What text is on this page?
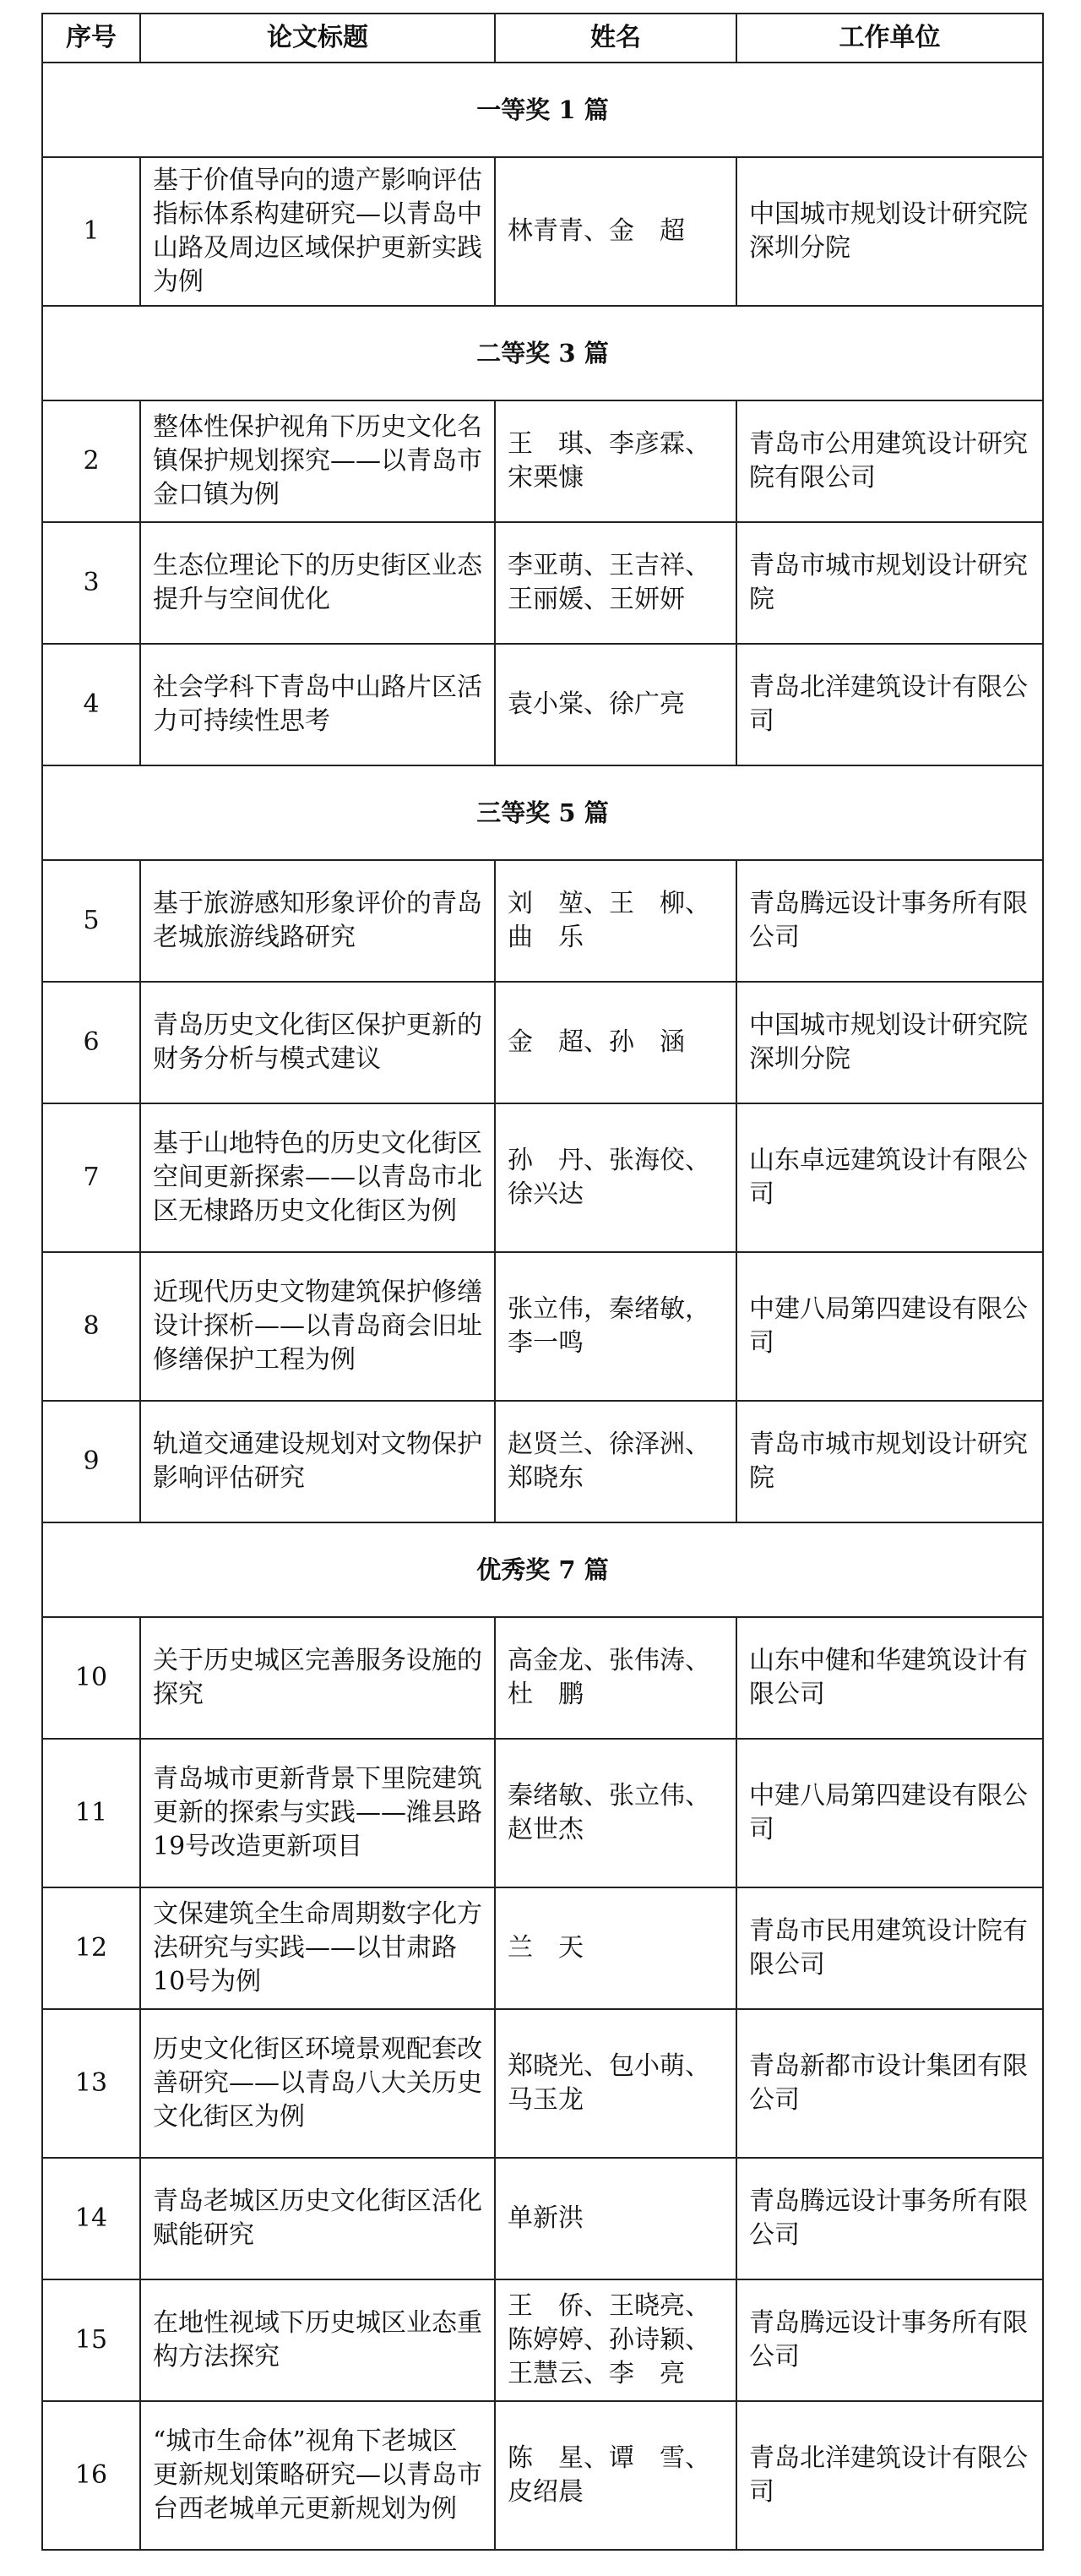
序号	论文标题	姓名	工作单位
一等奖 1 篇			
1	基于价值导向的遗产影响评估指标体系构建研究—以青岛中山路及周边区域保护更新实践为例	林青青、金　超	中国城市规划设计研究院深圳分院
二等奖 3 篇			
2	整体性保护视角下历史文化名镇保护规划探究——以青岛市金口镇为例	王　琪、李彦霖、宋栗慷	青岛市公用建筑设计研究院有限公司
3	生态位理论下的历史街区业态提升与空间优化	李亚萌、王吉祥、王丽媛、王妍妍	青岛市城市规划设计研究院
4	社会学科下青岛中山路片区活力可持续性思考	袁小棠、徐广亮	青岛北洋建筑设计有限公司
三等奖 5 篇			
5	基于旅游感知形象评价的青岛老城旅游线路研究	刘　堃、王　柳、曲　乐	青岛腾远设计事务所有限公司
6	青岛历史文化街区保护更新的财务分析与模式建议	金　超、孙　涵	中国城市规划设计研究院深圳分院
7	基于山地特色的历史文化街区空间更新探索——以青岛市北区无棣路历史文化街区为例	孙　丹、张海佼、徐兴达	山东卓远建筑设计有限公司
8	近现代历史文物建筑保护修缮设计探析——以青岛商会旧址修缮保护工程为例	张立伟，秦绪敏，李一鸣	中建八局第四建设有限公司
9	轨道交通建设规划对文物保护影响评估研究	赵贤兰、徐泽洲、郑晓东	青岛市城市规划设计研究院
优秀奖 7 篇			
10	关于历史城区完善服务设施的探究	高金龙、张伟涛、杜　鹏	山东中健和华建筑设计有限公司
11	青岛城市更新背景下里院建筑更新的探索与实践——潍县路19号改造更新项目	秦绪敏、张立伟、赵世杰	中建八局第四建设有限公司
12	文保建筑全生命周期数字化方法研究与实践——以甘肃路10号为例	兰　天	青岛市民用建筑设计院有限公司
13	历史文化街区环境景观配套改善研究——以青岛八大关历史文化街区为例	郑晓光、包小萌、马玉龙	青岛新都市设计集团有限公司
14	青岛老城区历史文化街区活化赋能研究	单新洪	青岛腾远设计事务所有限公司
15	在地性视域下历史城区业态重构方法探究	王　侨、王晓亮、陈婷婷、孙诗颖、王慧云、李　亮	青岛腾远设计事务所有限公司
16	“城市生命体”视角下老城区更新规划策略研究—以青岛市台西老城单元更新规划为例	陈　星、谭　雪、皮绍晨	青岛北洋建筑设计有限公司
